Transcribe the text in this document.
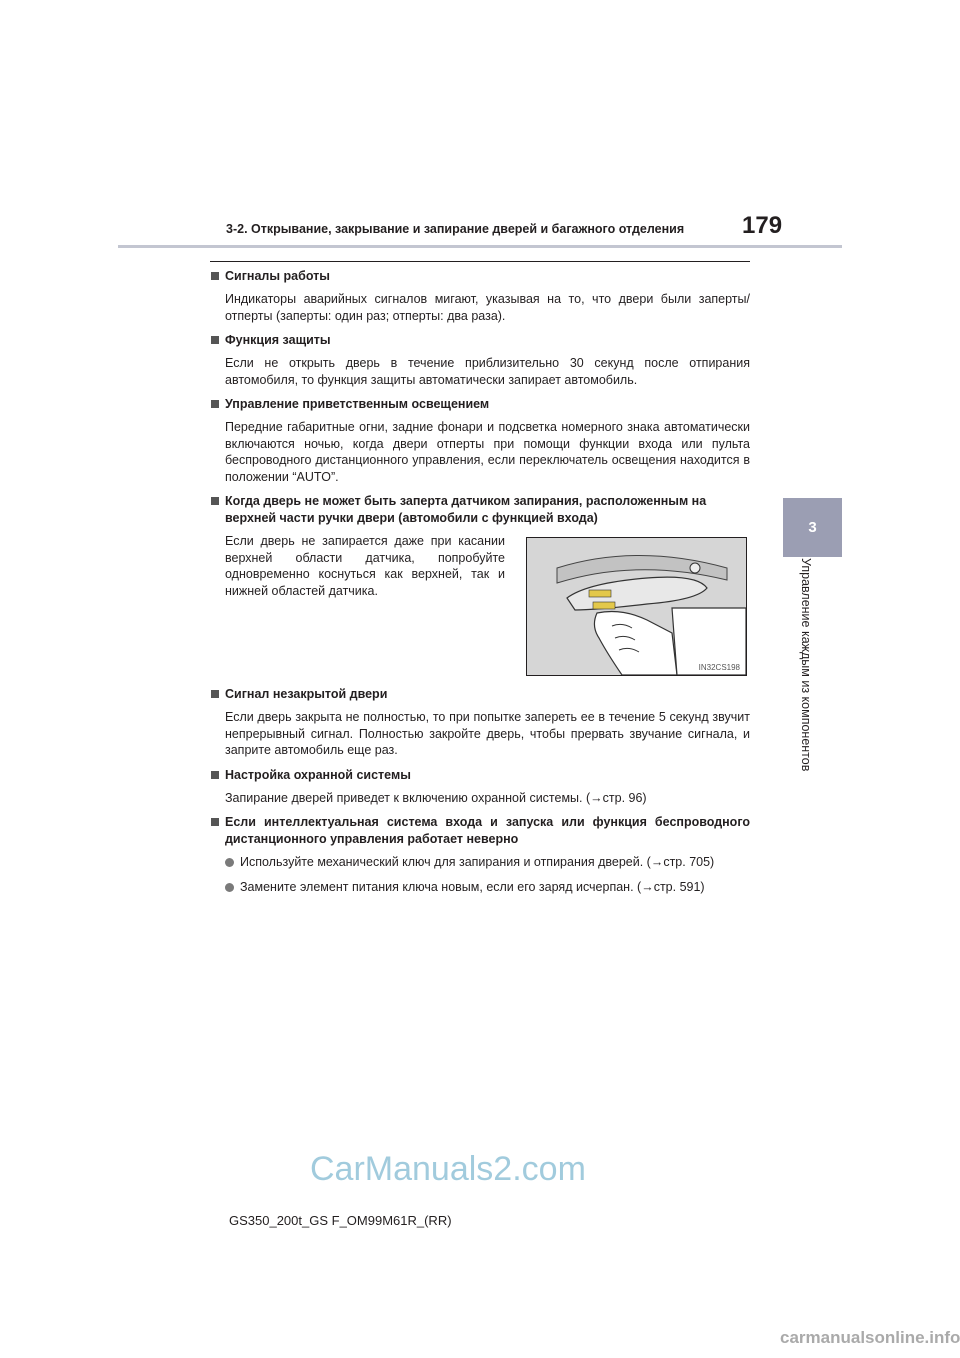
3-2. Открывание, закрывание и запирание дверей и багажного отделения 179
3
Управление каждым из компонентов
Сигналы работы
Индикаторы аварийных сигналов мигают, указывая на то, что двери были заперты/отперты (заперты: один раз; отперты: два раза).
Функция защиты
Если не открыть дверь в течение приблизительно 30 секунд после отпирания автомобиля, то функция защиты автоматически запирает автомобиль.
Управление приветственным освещением
Передние габаритные огни, задние фонари и подсветка номерного знака автоматически включаются ночью, когда двери отперты при помощи функции входа или пульта беспроводного дистанционного управления, если переключатель освещения находится в положении “AUTO”.
Когда дверь не может быть заперта датчиком запирания, расположенным на верхней части ручки двери (автомобили с функцией входа)
Если дверь не запирается даже при касании верхней области датчика, попробуйте одновременно коснуться как верхней, так и нижней областей датчика.
IN32CS198
Сигнал незакрытой двери
Если дверь закрыта не полностью, то при попытке запереть ее в течение 5 секунд звучит непрерывный сигнал. Полностью закройте дверь, чтобы прервать звучание сигнала, и заприте автомобиль еще раз.
Настройка охранной системы
Запирание дверей приведет к включению охранной системы. (→стр. 96)
Если интеллектуальная система входа и запуска или функция беспроводного дистанционного управления работает неверно
Используйте механический ключ для запирания и отпирания дверей. (→стр. 705)
Замените элемент питания ключа новым, если его заряд исчерпан. (→стр. 591)
CarManuals2.com
GS350_200t_GS F_OM99M61R_(RR)
carmanualsonline.info
